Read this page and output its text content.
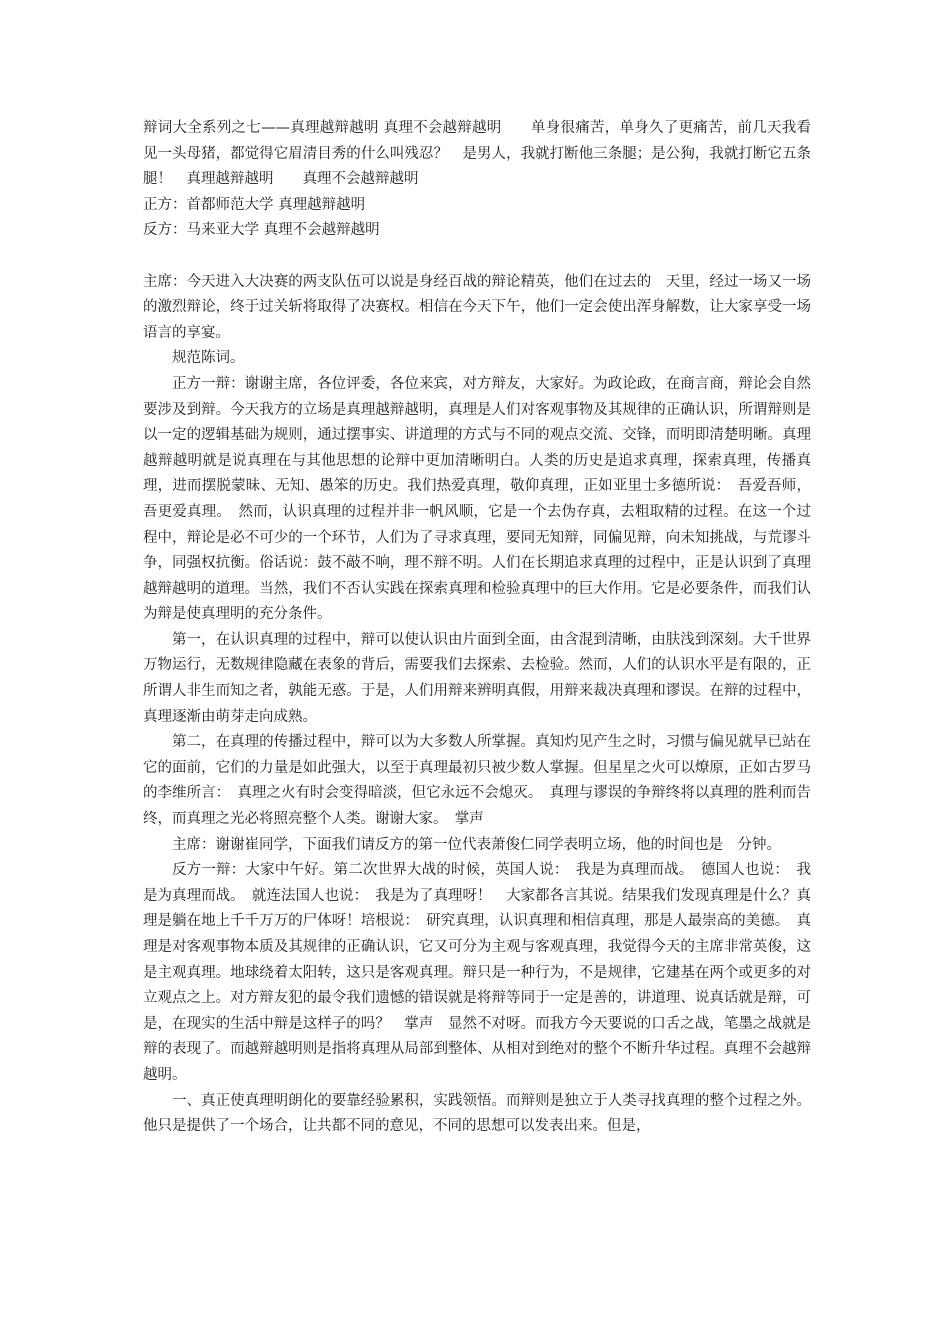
辩词大全系列之七——真理越辩越明 真理不会越辩越明　　单身很痛苦，单身久了更痛苦，前几天我看见一头母猪，都觉得它眉清目秀的什么叫残忍？　是男人，我就打断他三条腿；是公狗，我就打断它五条腿！　真理越辩越明　　真理不会越辩越明

正方：首都师范大学 真理越辩越明

反方：马来亚大学 真理不会越辩越明

主席：今天进入大决赛的两支队伍可以说是身经百战的辩论精英，他们在过去的　天里，经过一场又一场的激烈辩论，终于过关斩将取得了决赛权。相信在今天下午，他们一定会使出浑身解数，让大家享受一场语言的享宴。

规范陈词。

正方一辩：谢谢主席，各位评委，各位来宾，对方辩友，大家好。为政论政，在商言商，辩论会自然要涉及到辩。今天我方的立场是真理越辩越明，真理是人们对客观事物及其规律的正确认识，所谓辩则是以一定的逻辑基础为规则，通过摆事实、讲道理的方式与不同的观点交流、交锋，而明即清楚明晰。真理越辩越明就是说真理在与其他思想的论辩中更加清晰明白。人类的历史是追求真理，探索真理，传播真理，进而摆脱蒙昧、无知、愚笨的历史。我们热爱真理，敬仰真理，正如亚里士多德所说：　吾爱吾师，吾更爱真理。　然而，认识真理的过程并非一帆风顺，它是一个去伪存真，去粗取精的过程。在这一个过程中，辩论是必不可少的一个环节，人们为了寻求真理，要同无知辩，同偏见辩，向未知挑战，与荒谬斗争，同强权抗衡。俗话说：鼓不敲不响，理不辩不明。人们在长期追求真理的过程中，正是认识到了真理越辩越明的道理。当然，我们不否认实践在探索真理和检验真理中的巨大作用。它是必要条件，而我们认为辩是使真理明的充分条件。

第一，在认识真理的过程中，辩可以使认识由片面到全面，由含混到清晰，由肤浅到深刻。大千世界万物运行，无数规律隐藏在表象的背后，需要我们去探索、去检验。然而，人们的认识水平是有限的，正所谓人非生而知之者，孰能无惑。于是，人们用辩来辨明真假，用辩来裁决真理和谬误。在辩的过程中，真理逐渐由萌芽走向成熟。

第二，在真理的传播过程中，辩可以为大多数人所掌握。真知灼见产生之时，习惯与偏见就早已站在它的面前，它们的力量是如此强大，以至于真理最初只被少数人掌握。但星星之火可以燎原，正如古罗马的李维所言：　真理之火有时会变得暗淡，但它永远不会熄灭。　真理与谬误的争辩终将以真理的胜利而告终，而真理之光必将照亮整个人类。谢谢大家。　掌声

主席：谢谢崔同学，下面我们请反方的第一位代表萧俊仁同学表明立场，他的时间也是　分钟。

反方一辩：大家中午好。第二次世界大战的时候，英国人说：　我是为真理而战。　德国人也说：　我是为真理而战。　就连法国人也说：　我是为了真理呀！　大家都各言其说。结果我们发现真理是什么？真理是躺在地上千千万万的尸体呀！培根说：　研究真理，认识真理和相信真理，那是人最崇高的美德。　真理是对客观事物本质及其规律的正确认识，它又可分为主观与客观真理，我觉得今天的主席非常英俊，这是主观真理。地球绕着太阳转，这只是客观真理。辩只是一种行为，不是规律，它建基在两个或更多的对立观点之上。对方辩友犯的最令我们遗憾的错误就是将辩等同于一定是善的，讲道理、说真话就是辩，可是，在现实的生活中辩是这样子的吗？　掌声　显然不对呀。而我方今天要说的口舌之战，笔墨之战就是辩的表现了。而越辩越明则是指将真理从局部到整体、从相对到绝对的整个不断升华过程。真理不会越辩越明。

一、真正使真理明朗化的要靠经验累积，实践领悟。而辩则是独立于人类寻找真理的整个过程之外。他只是提供了一个场合，让共都不同的意见，不同的思想可以发表出来。但是，
